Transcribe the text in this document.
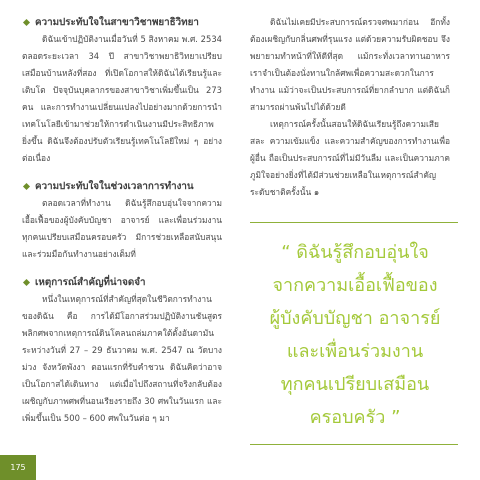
ความประทับใจในสาขาวิชาพยาธิวิทยา

ดิฉันเข้าปฏิบัติงานเมื่อวันที่ 5 สิงหาคม พ.ศ. 2534 ตลอดระยะเวลา 34 ปี สาขาวิชาพยาธิวิทยาเปรียบเสมือนบ้านหลังที่สอง ที่เปิดโอกาสให้ดิฉันได้เรียนรู้และเติบโต ปัจจุบันบุคลากรของสาขาวิชาเพิ่มขึ้นเป็น 273 คน และการทำงานเปลี่ยนแปลงไปอย่างมากด้วยการนำเทคโนโลยีเข้ามาช่วยให้การดำเนินงานมีประสิทธิภาพยิ่งขึ้น ดิฉันจึงต้องปรับตัวเรียนรู้เทคโนโลยีใหม่ ๆ อย่างต่อเนื่อง

ความประทับใจในช่วงเวลาการทำงาน

ตลอดเวลาที่ทำงาน ดิฉันรู้สึกอบอุ่นใจจากความเอื้อเฟื้อของผู้บังคับบัญชา อาจารย์ และเพื่อนร่วมงาน ทุกคนเปรียบเสมือนครอบครัว มีการช่วยเหลือสนับสนุน และร่วมมือกันทำงานอย่างเต็มที่

เหตุการณ์สำคัญที่น่าจดจำ

หนึ่งในเหตุการณ์ที่สำคัญที่สุดในชีวิตการทำงานของดิฉัน คือ การได้มีโอกาสร่วมปฏิบัติงานชันสูตรพลิกศพจากเหตุการณ์ดินโคลนถล่มภาคใต้ตั้งอันดามัน ระหว่างวันที่ 27 – 29 ธันวาคม พ.ศ. 2547 ณ วัดบางม่วง จังหวัดพังงา ตอนแรกที่รับคำชวน ดิฉันคิดว่าอาจเป็นโอกาสได้เดินทาง แต่เมื่อไปถึงสถานที่จริงกลับต้องเผชิญกับภาพศพที่นอนเรียงรายถึง 30 ศพในวันแรก และเพิ่มขึ้นเป็น 500 – 600 ศพในวันต่อ ๆ มา

ดิฉันไม่เคยมีประสบการณ์ตรวจศพมาก่อน อีกทั้งต้องเผชิญกับกลิ่นศพที่รุนแรง แต่ด้วยความรับผิดชอบ จึงพยายามทำหน้าที่ให้ดีที่สุด แม้กระทั่งเวลาทานอาหาร เราจำเป็นต้องนั่งทานใกล้ศพเพื่อความสะดวกในการทำงาน แม้ว่าจะเป็นประสบการณ์ที่ยากลำบาก แต่ดิฉันก็สามารถผ่านพ้นไปได้ด้วยดี

เหตุการณ์ครั้งนั้นสอนให้ดิฉันเรียนรู้ถึงความเสียสละ ความเข้มแข็ง และความสำคัญของการทำงานเพื่อผู้อื่น ถือเป็นประสบการณ์ที่ไม่มีวันลืม และเป็นความภาคภูมิใจอย่างยิ่งที่ได้มีส่วนช่วยเหลือในเหตุการณ์สำคัญระดับชาติครั้งนั้น ๑

“ ดิฉันรู้สึกอบอุ่นใจ
จากความเอื้อเฟื้อของ
ผู้บังคับบัญชา อาจารย์
และเพื่อนร่วมงาน
ทุกคนเปรียบเสมือน
ครอบครัว ”
175
